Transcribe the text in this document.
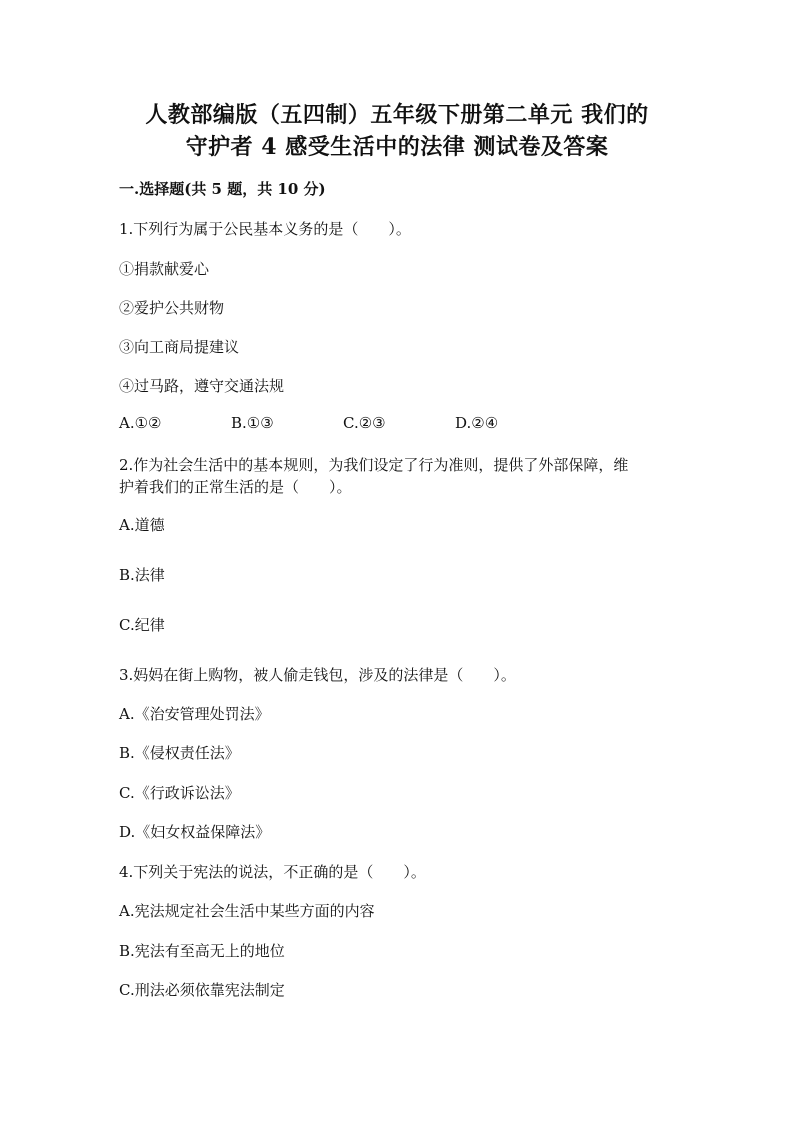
人教部编版（五四制）五年级下册第二单元 我们的
守护者 4 感受生活中的法律 测试卷及答案
一.选择题(共 5 题，共 10 分)
1.下列行为属于公民基本义务的是（　　）。
①捐款献爱心
②爱护公共财物
③向工商局提建议
④过马路，遵守交通法规
A.①②	B.①③	C.②③	D.②④
2.作为社会生活中的基本规则，为我们设定了行为准则，提供了外部保障，维
护着我们的正常生活的是（　　）。
A.道德
B.法律
C.纪律
3.妈妈在街上购物，被人偷走钱包，涉及的法律是（　　）。
A.《治安管理处罚法》
B.《侵权责任法》
C.《行政诉讼法》
D.《妇女权益保障法》
4.下列关于宪法的说法，不正确的是（　　）。
A.宪法规定社会生活中某些方面的内容
B.宪法有至高无上的地位
C.刑法必须依靠宪法制定
